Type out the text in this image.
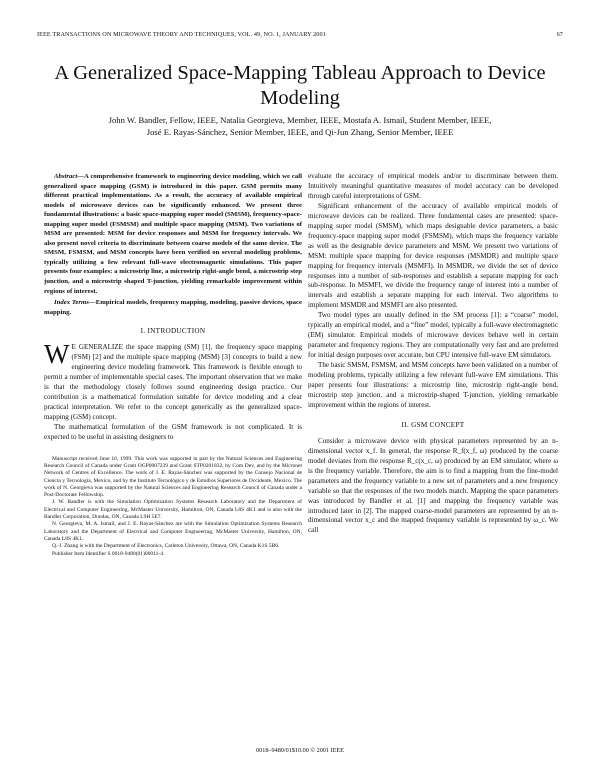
IEEE TRANSACTIONS ON MICROWAVE THEORY AND TECHNIQUES, VOL. 49, NO. 1, JANUARY 2001	67
A Generalized Space-Mapping Tableau Approach to Device Modeling
John W. Bandler, Fellow, IEEE, Natalia Georgieva, Member, IEEE, Mostafa A. Ismail, Student Member, IEEE,
José E. Rayas-Sánchez, Senior Member, IEEE, and Qi-Jun Zhang, Senior Member, IEEE

Abstract—A comprehensive framework to engineering device modeling, which we call generalized space mapping (GSM) is introduced in this paper. GSM permits many different practical implementations. As a result, the accuracy of available empirical models of microwave devices can be significantly enhanced. We present three fundamental illustrations: a basic space-mapping super model (SMSM), frequency-space-mapping super model (FSMSM) and multiple space mapping (MSM). Two variations of MSM are presented: MSM for device responses and MSM for frequency intervals. We also present novel criteria to discriminate between coarse models of the same device. The SMSM, FSMSM, and MSM concepts have been verified on several modeling problems, typically utilizing a few relevant full-wave electromagnetic simulations. This paper presents four examples: a microstrip line, a microstrip right-angle bend, a microstrip step junction, and a microstrip shaped T-junction, yielding remarkable improvement within regions of interest.

Index Terms—Empirical models, frequency mapping, modeling, passive devices, space mapping.

I. INTRODUCTION

W E GENERALIZE the space mapping (SM) [1], the frequency space mapping (FSM) [2] and the multiple space mapping (MSM) [3] concepts to build a new engineering device modeling framework. This framework is flexible enough to permit a number of implementable special cases. The important observation that we make is that the methodology closely follows sound engineering design practice. Our contribution is a mathematical formulation suitable for device modeling and a clear practical interpretation. We refer to the concept generically as the generalized space-mapping (GSM) concept.

The mathematical formulation of the GSM framework is not complicated. It is expected to be useful in assisting designers to

Manuscript received June 16, 1999. This work was supported in part by the Natural Sciences and Engineering Research Council of Canada under Grant OGP0007239 and Grant STP0201832, by Com Dev, and by the Micronet Network of Centres of Excellence. The work of J. E. Rayas-Sánchez was supported by the Consejo Nacional de Ciencia y Tecnología, Mexico, and by the Instituto Tecnológico y de Estudios Superiores de Occidente, Mexico. The work of N. Georgieva was supported by the Natural Sciences and Engineering Research Council of Canada under a Post-Doctorate Fellowship.

J. W. Bandler is with the Simulation Optimization Systems Research Laboratory and the Department of Electrical and Computer Engineering, McMaster University, Hamilton, ON, Canada L8S 4K1 and is also with the Bandler Corporation, Dundas, ON, Canada L9H 5E7.

N. Georgieva, M. A. Ismail, and J. E. Rayas-Sánchez are with the Simulation Optimization Systems Research Laboratory and the Department of Electrical and Computer Engineering, McMaster University, Hamilton, ON, Canada L8S 4K1.

Q.-J. Zhang is with the Department of Electronics, Carleton University, Ottawa, ON, Canada K1S 5B6.

Publisher Item Identifier S 0018-9480(01)00011-4.

evaluate the accuracy of empirical models and/or to discriminate between them. Intuitively meaningful quantitative measures of model accuracy can be developed through careful interpretations of GSM.

Significant enhancement of the accuracy of available empirical models of microwave devices can be realized. Three fundamental cases are presented: space-mapping super model (SMSM), which maps designable device parameters, a basic frequency-space mapping super model (FSMSM), which maps the frequency variable as well as the designable device parameters and MSM. We present two variations of MSM: multiple space mapping for device responses (MSMDR) and multiple space mapping for frequency intervals (MSMFI). In MSMDR, we divide the set of device responses into a number of sub-responses and establish a separate mapping for each sub-response. In MSMFI, we divide the frequency range of interest into a number of intervals and establish a separate mapping for each interval. Two algorithms to implement MSMDR and MSMFI are also presented.

Two model types are usually defined in the SM process [1]: a “coarse” model, typically an empirical model, and a “fine” model, typically a full-wave electromagnetic (EM) simulator. Empirical models of microwave devices behave well in certain parameter and frequency regions. They are computationally very fast and are preferred for initial design purposes over accurate, but CPU intensive full-wave EM simulators.

The basic SMSM, FSMSM, and MSM concepts have been validated on a number of modeling problems, typically utilizing a few relevant full-wave EM simulations. This paper presents four illustrations: a microstrip line, microstrip right-angle bend, microstrip step junction, and a microstrip-shaped T-junction, yielding remarkable improvement within the regions of interest.

II. GSM CONCEPT

Consider a microwave device with physical parameters represented by an n-dimensional vector x_f. In general, the response R_f(x_f, ω) produced by the coarse model deviates from the response R_c(x_c, ω) produced by an EM simulator, where ω is the frequency variable. Therefore, the aim is to find a mapping from the fine-model parameters and the frequency variable to a new set of parameters and a new frequency variable so that the responses of the two models match. Mapping the space parameters was introduced by Bandler et al. [1] and mapping the frequency variable was introduced later in [2]. The mapped coarse-model parameters are represented by an n-dimensional vector x_c and the mapped frequency variable is represented by ω_c. We call

0018–9480/01$10.00 © 2001 IEEE
